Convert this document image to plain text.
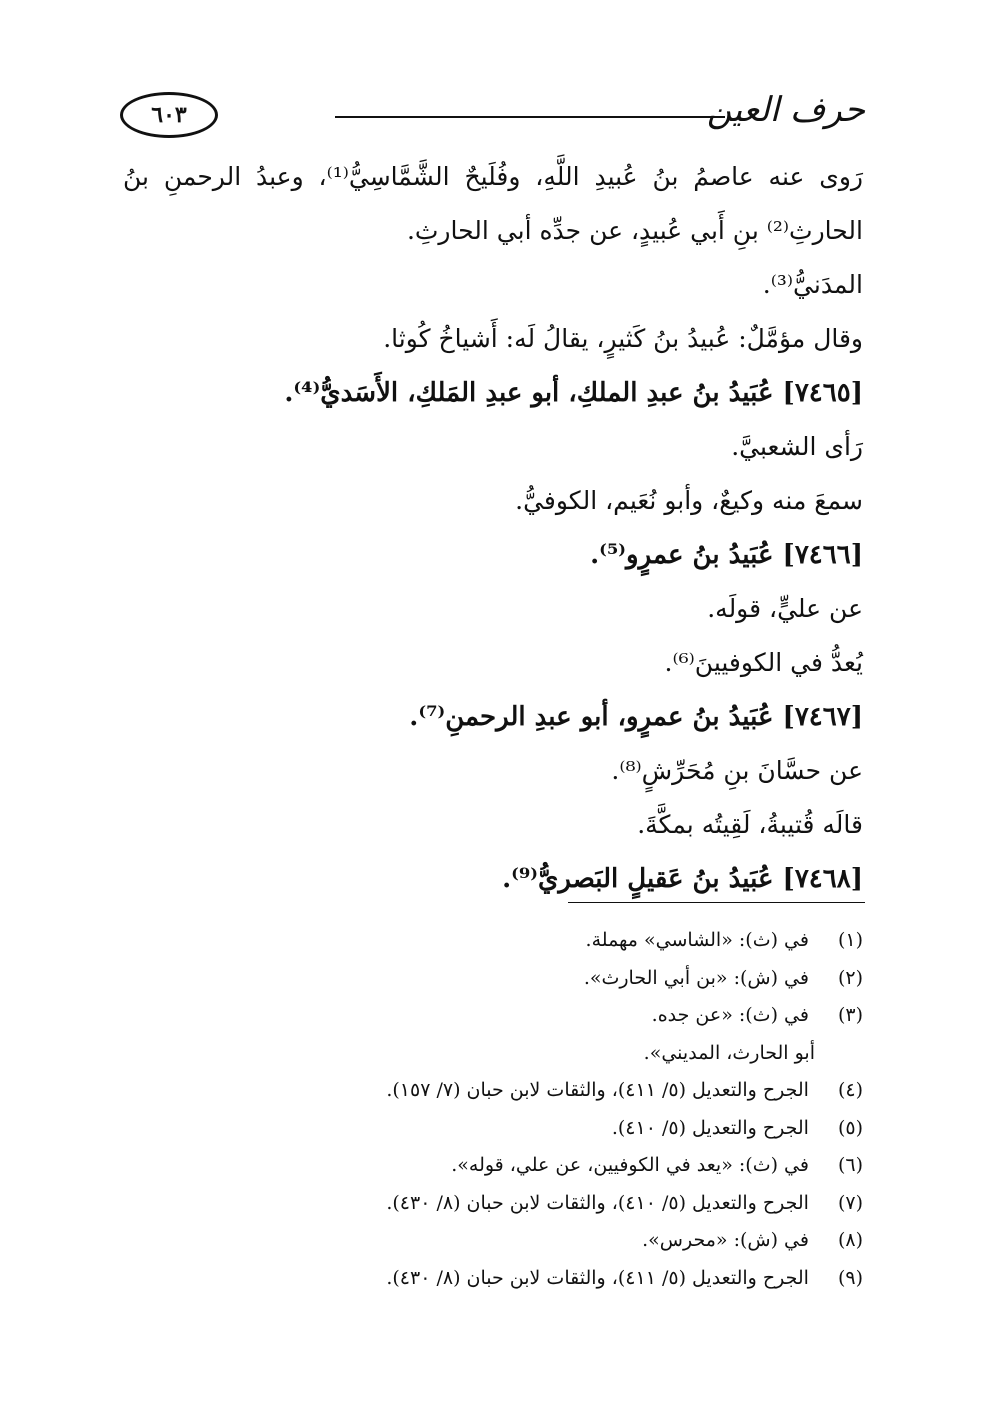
حرف العين
٦٠٣
رَوى عنه عاصمُ بنُ عُبيدِ اللَّهِ، وفُلَيحٌ الشَّمَّاسِيُّ⁽¹⁾، وعبدُ الرحمنِ بنُ
الحارثِ⁽²⁾ بنِ أَبي عُبيدٍ، عن جدِّه أبي الحارثِ.
المدَنيُّ⁽³⁾.
وقال مؤمَّلٌ: عُبيدُ بنُ كَثيرٍ، يقالُ لَه: أَشياخُ كُوثا.
[٧٤٦٥] عُبَيدُ بنُ عبدِ الملكِ، أبو عبدِ المَلكِ، الأَسَديُّ⁽⁴⁾.
رَأى الشعبيَّ.
سمعَ منه وكيعٌ، وأبو نُعَيم، الكوفيُّ.
[٧٤٦٦] عُبَيدُ بنُ عمرٍو⁽⁵⁾.
عن عليٍّ، قولَه.
يُعدُّ في الكوفيينَ⁽⁶⁾.
[٧٤٦٧] عُبَيدُ بنُ عمرٍو، أبو عبدِ الرحمنِ⁽⁷⁾.
عن حسَّانَ بنِ مُحَرِّشٍ⁽⁸⁾.
قالَه قُتيبةُ، لَقِيتُه بمكَّةَ.
[٧٤٦٨] عُبَيدُ بنُ عَقيلٍ البَصريُّ⁽⁹⁾.
(١) في (ث): «الشاسي» مهملة.
(٢) في (ش): «بن أبي الحارث».
(٣) في (ث): «عن جده.
أبو الحارث، المديني».
(٤) الجرح والتعديل (٥/ ٤١١)، والثقات لابن حبان (٧/ ١٥٧).
(٥) الجرح والتعديل (٥/ ٤١٠).
(٦) في (ث): «يعد في الكوفيين، عن علي، قوله».
(٧) الجرح والتعديل (٥/ ٤١٠)، والثقات لابن حبان (٨/ ٤٣٠).
(٨) في (ش): «محرس».
(٩) الجرح والتعديل (٥/ ٤١١)، والثقات لابن حبان (٨/ ٤٣٠).
